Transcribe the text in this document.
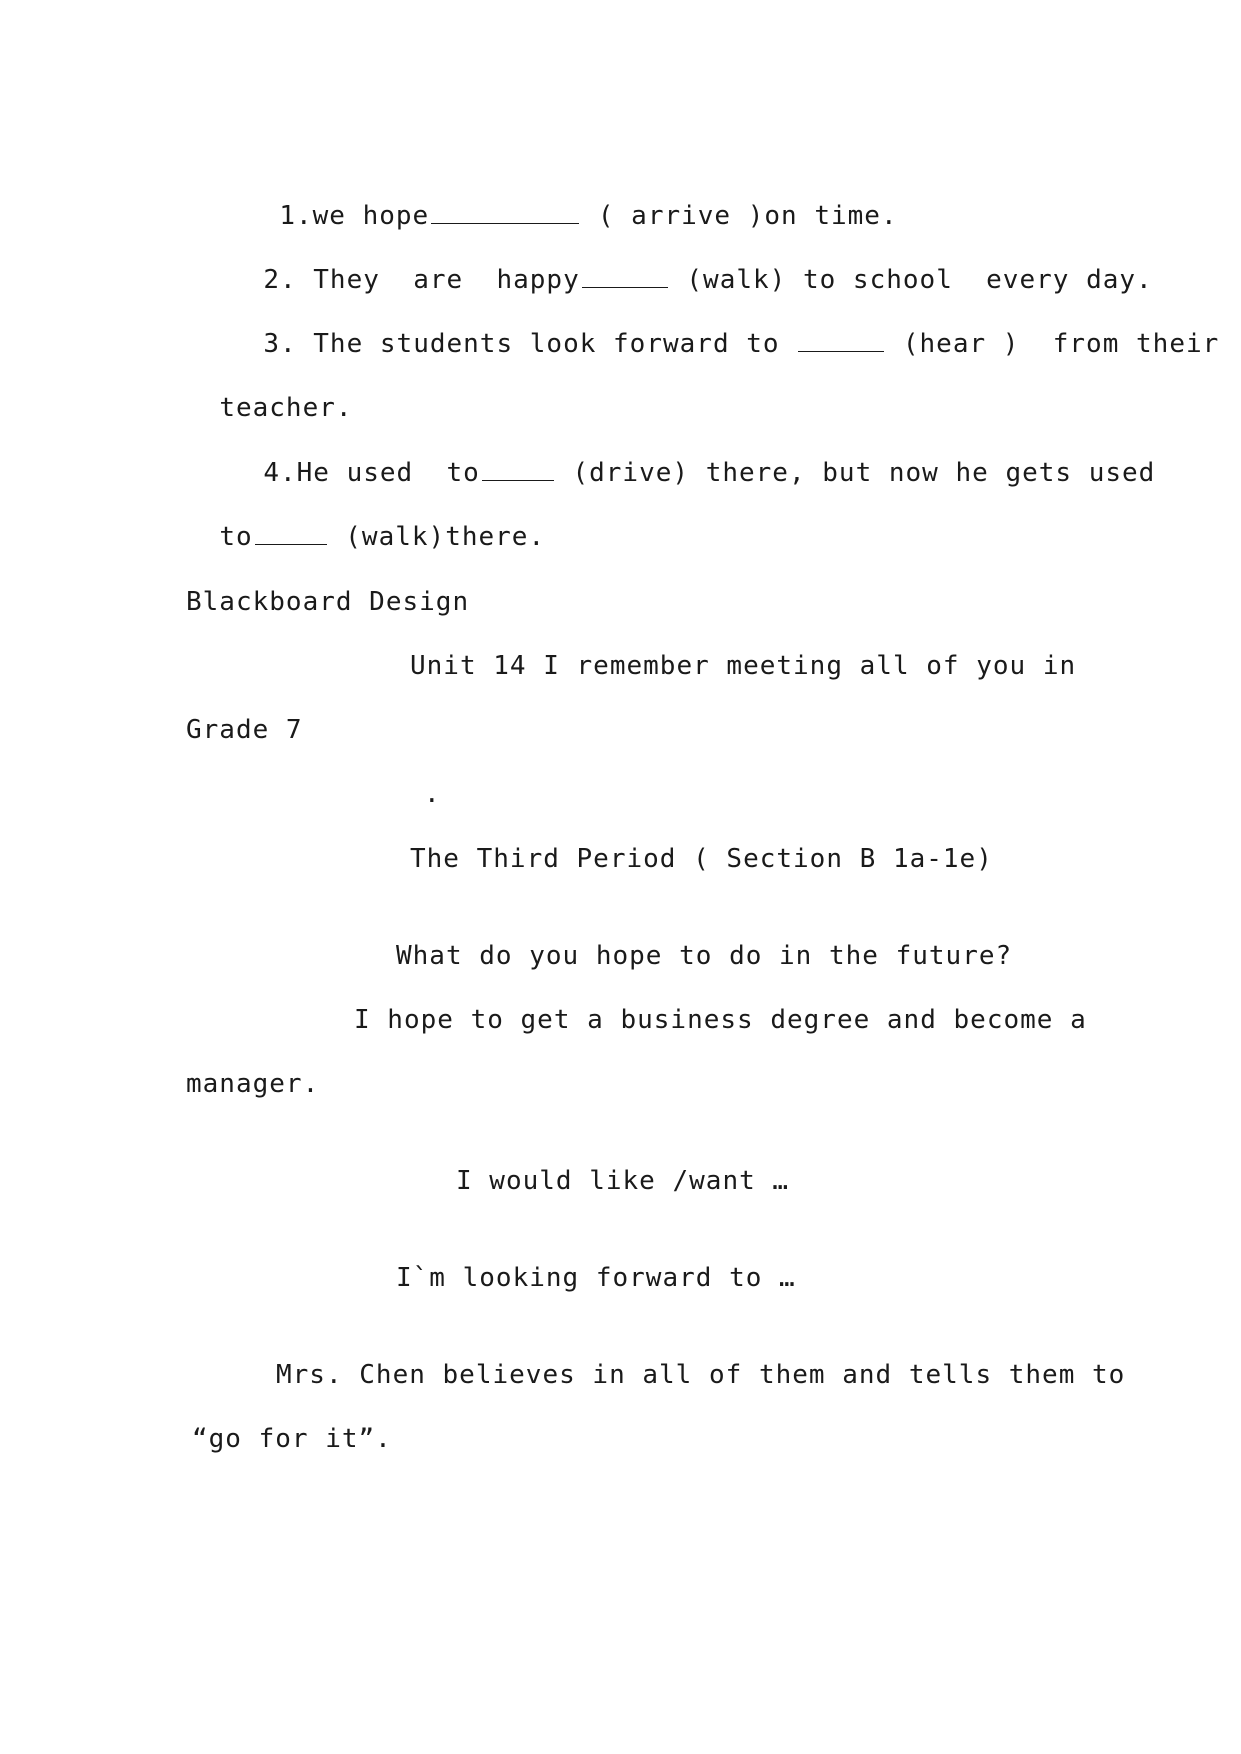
1.we hope	( arrive )on time.

2. They  are  happy	(walk) to school  every day.

3. The students look forward to	(hear )  from their

teacher.

4.He used  to	(drive) there, but now he gets used

to	(walk)there.

Blackboard Design
Unit 14 I remember meeting all of you in
Grade 7
.
The Third Period ( Section B 1a-1e)
What do you hope to do in the future?
I hope to get a business degree and become a
manager.
I would like /want …
I`m looking forward to …
Mrs. Chen believes in all of them and tells them to
“go for it”.
